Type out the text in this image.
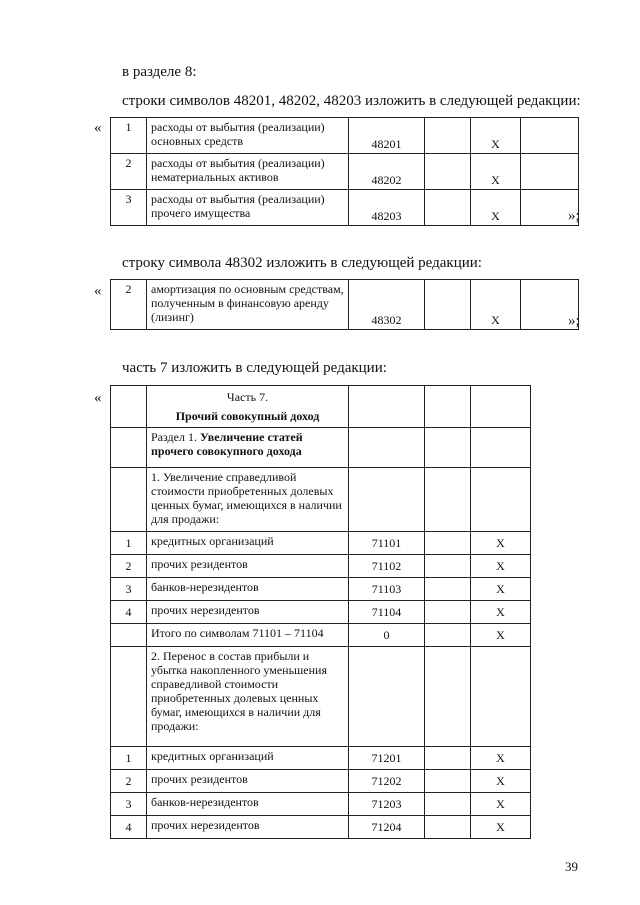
в разделе 8:
строки символов 48201, 48202, 48203 изложить в следующей редакции:
« 1	расходы от выбытия (реализации) основных средств	48201		X	
2	расходы от выбытия (реализации) нематериальных активов	48202		X	
3	расходы от выбытия (реализации) прочего имущества	48203		X		»;
строку символа 48302 изложить в следующей редакции:
« 2	амортизация по основным средствам, полученным в финансовую аренду (лизинг)	48302		X		»;
часть 7 изложить в следующей редакции:
«

	Часть 7.
Прочий совокупный доход			

	Раздел 1. Увеличение статей прочего совокупного дохода			
	1. Увеличение справедливой стоимости приобретенных долевых ценных бумаг, имеющихся в наличии для продажи:			
1	кредитных организаций	71101		X
2	прочих резидентов	71102		X
3	банков-нерезидентов	71103		X
4	прочих нерезидентов	71104		X
	Итого по символам 71101 – 71104	0		X
	2. Перенос в состав прибыли и убытка накопленного уменьшения справедливой стоимости приобретенных долевых ценных бумаг, имеющихся в наличии для продажи:			
1	кредитных организаций	71201		X
2	прочих резидентов	71202		X
3	банков-нерезидентов	71203		X
4	прочих нерезидентов	71204		X
39
